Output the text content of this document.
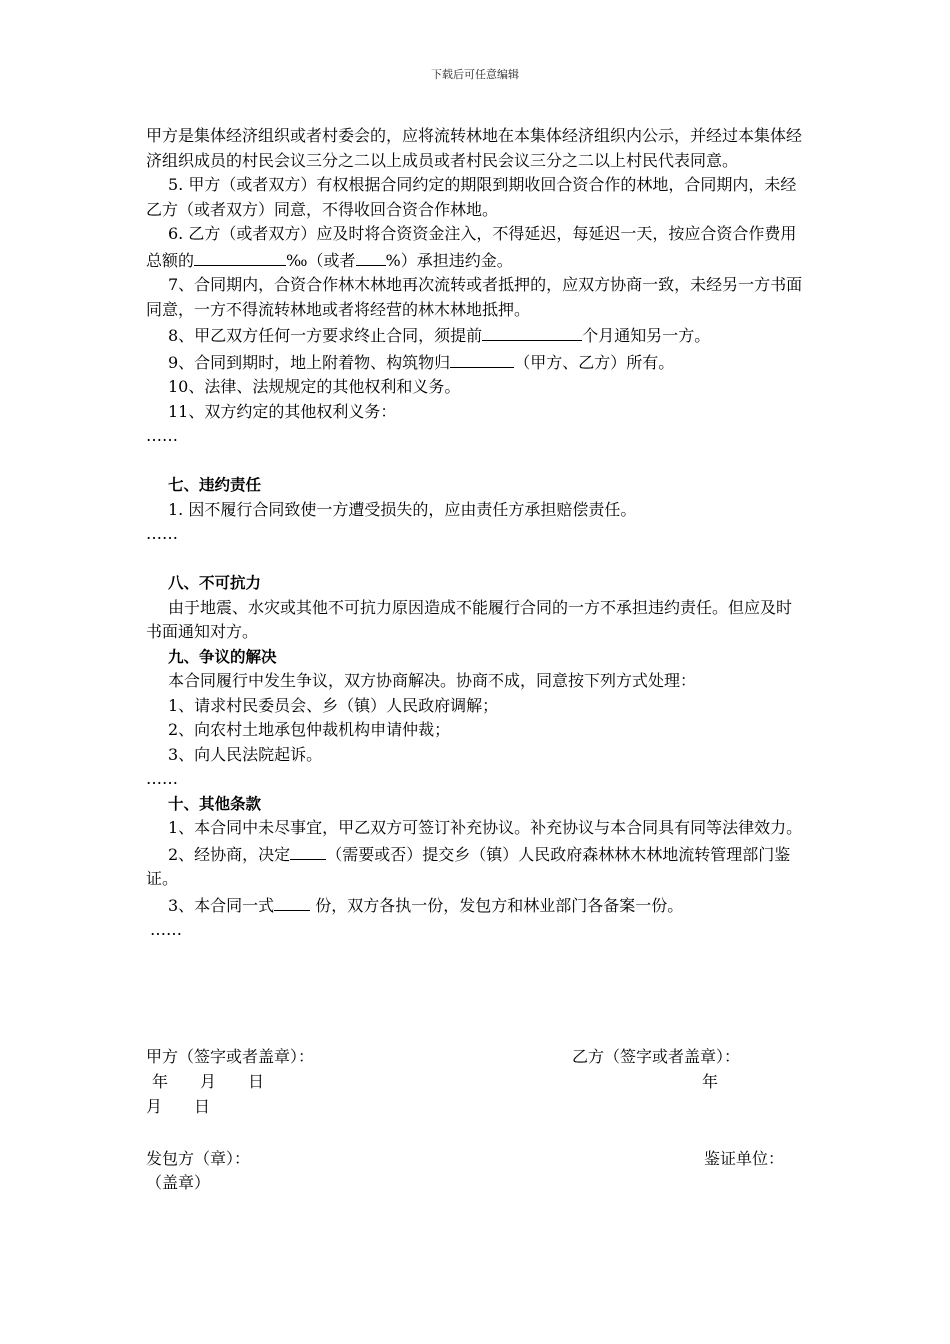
下载后可任意编辑

甲方是集体经济组织或者村委会的，应将流转林地在本集体经济组织内公示，并经过本集体经济组织成员的村民会议三分之二以上成员或者村民会议三分之二以上村民代表同意。

5. 甲方（或者双方）有权根据合同约定的期限到期收回合资合作的林地，合同期内，未经乙方（或者双方）同意，不得收回合资合作林地。

6. 乙方（或者双方）应及时将合资资金注入，不得延迟，每延迟一天，按应合资合作费用总额的	‰（或者 %）承担违约金。

7、合同期内，合资合作林木林地再次流转或者抵押的，应双方协商一致，未经另一方书面同意，一方不得流转林地或者将经营的林木林地抵押。

8、甲乙双方任何一方要求终止合同，须提前	个月通知另一方。

9、合同到期时，地上附着物、构筑物归	（甲方、乙方）所有。

10、法律、法规规定的其他权利和义务。

11、双方约定的其他权利义务：

……

七、违约责任

1. 因不履行合同致使一方遭受损失的，应由责任方承担赔偿责任。

……

八、不可抗力

由于地震、水灾或其他不可抗力原因造成不能履行合同的一方不承担违约责任。但应及时书面通知对方。

九、争议的解决

本合同履行中发生争议，双方协商解决。协商不成，同意按下列方式处理：

1、请求村民委员会、乡（镇）人民政府调解；

2、向农村土地承包仲裁机构申请仲裁；

3、向人民法院起诉。

……

十、其他条款

1、本合同中未尽事宜，甲乙双方可签订补充协议。补充协议与本合同具有同等法律效力。

2、经协商，决定 （需要或否）提交乡（镇）人民政府森林林木林地流转管理部门鉴证。

3、本合同一式 份，双方各执一份，发包方和林业部门各备案一份。

……

甲方（签字或者盖章）：	乙方（签字或者盖章）：
年　　月　　日	年
月　　日
发包方（章）：	鉴证单位：
（盖章）
